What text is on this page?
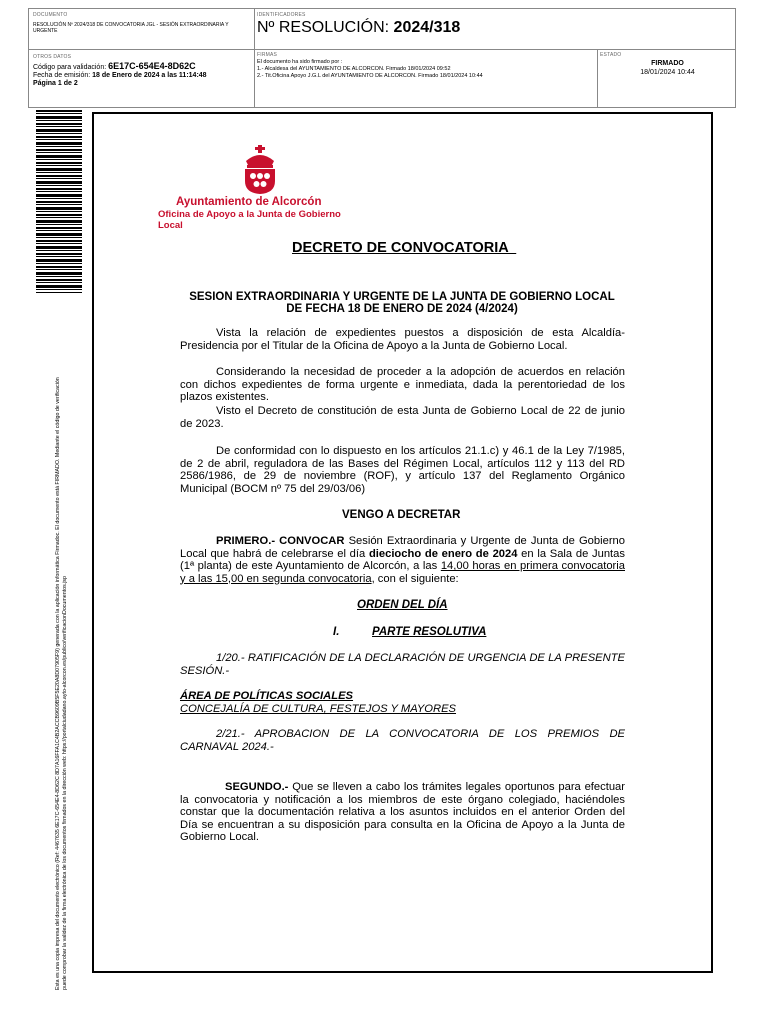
DOCUMENTO
RESOLUCIÓN Nº 2024/318 DE CONVOCATORIA JGL - SESIÓN EXTRAORDINARIA Y URGENTE
IDENTIFICADORES
Nº RESOLUCIÓN: 2024/318
OTROS DATOS
Código para validación: 6E17C-654E4-8D62C
Fecha de emisión: 18 de Enero de 2024 a las 11:14:48
Página 1 de 2
FIRMAS
El documento ha sido firmado por :
1.- Alcaldesa del AYUNTAMIENTO DE ALCORCON. Firmado 18/01/2024 09:52
2.- Tit.Oficina Apoyo J.G.L del AYUNTAMIENTO DE ALCORCON. Firmado 18/01/2024 10:44
ESTADO
FIRMADO
18/01/2024 10:44
Esta es una copia impresa del documento electrónico (Ref: 4467635 6E17C-654E4-8D62C 8D7A16FFA1C4B2ACCB9609B5F5E20A8D07905F9) generada con la aplicación informática Firmadoc. El documento está FIRMADO. Mediante el código de verificación puede comprobar la validez de la firma electrónica de los documentos firmados en la dirección web: https://portalciudadano.ayto-alcorcon.es/publico/verificacionDocumentos.jsp
Ayuntamiento de Alcorcón
Oficina de Apoyo a la Junta de Gobierno Local
DECRETO DE CONVOCATORIA
SESION EXTRAORDINARIA Y URGENTE DE LA JUNTA DE GOBIERNO LOCAL
DE FECHA 18 DE ENERO DE 2024 (4/2024)
Vista la relación de expedientes puestos a disposición de esta Alcaldía-Presidencia por el Titular de la Oficina de Apoyo a la Junta de Gobierno Local.
Considerando la necesidad de proceder a la adopción de acuerdos en relación con dichos expedientes de forma urgente e inmediata, dada la perentoriedad de los plazos existentes.
Visto el Decreto de constitución de esta Junta de Gobierno Local de 22 de junio de 2023.
De conformidad con lo dispuesto en los artículos 21.1.c) y 46.1 de la Ley 7/1985, de 2 de abril, reguladora de las Bases del Régimen Local, artículos 112 y 113 del RD 2586/1986, de 29 de noviembre (ROF), y artículo 137 del Reglamento Orgánico Municipal (BOCM nº 75 del 29/03/06)
VENGO A DECRETAR
PRIMERO.- CONVOCAR Sesión Extraordinaria y Urgente de Junta de Gobierno Local que habrá de celebrarse el día dieciocho de enero de 2024 en la Sala de Juntas (1ª planta) de este Ayuntamiento de Alcorcón, a las 14,00 horas en primera convocatoria y a las 15,00 en segunda convocatoria, con el siguiente:
ORDEN DEL DÍA
I.	PARTE RESOLUTIVA
1/20.- RATIFICACIÓN DE LA DECLARACIÓN DE URGENCIA DE LA PRESENTE SESIÓN.-
ÁREA DE POLÍTICAS SOCIALES
CONCEJALÍA DE CULTURA, FESTEJOS Y MAYORES
2/21.- APROBACION DE LA CONVOCATORIA DE LOS PREMIOS DE CARNAVAL 2024.-
SEGUNDO.- Que se lleven a cabo los trámites legales oportunos para efectuar la convocatoria y notificación a los miembros de este órgano colegiado, haciéndoles constar que la documentación relativa a los asuntos incluidos en el anterior Orden del Día se encuentran a su disposición para consulta en la Oficina de Apoyo a la Junta de Gobierno Local.
